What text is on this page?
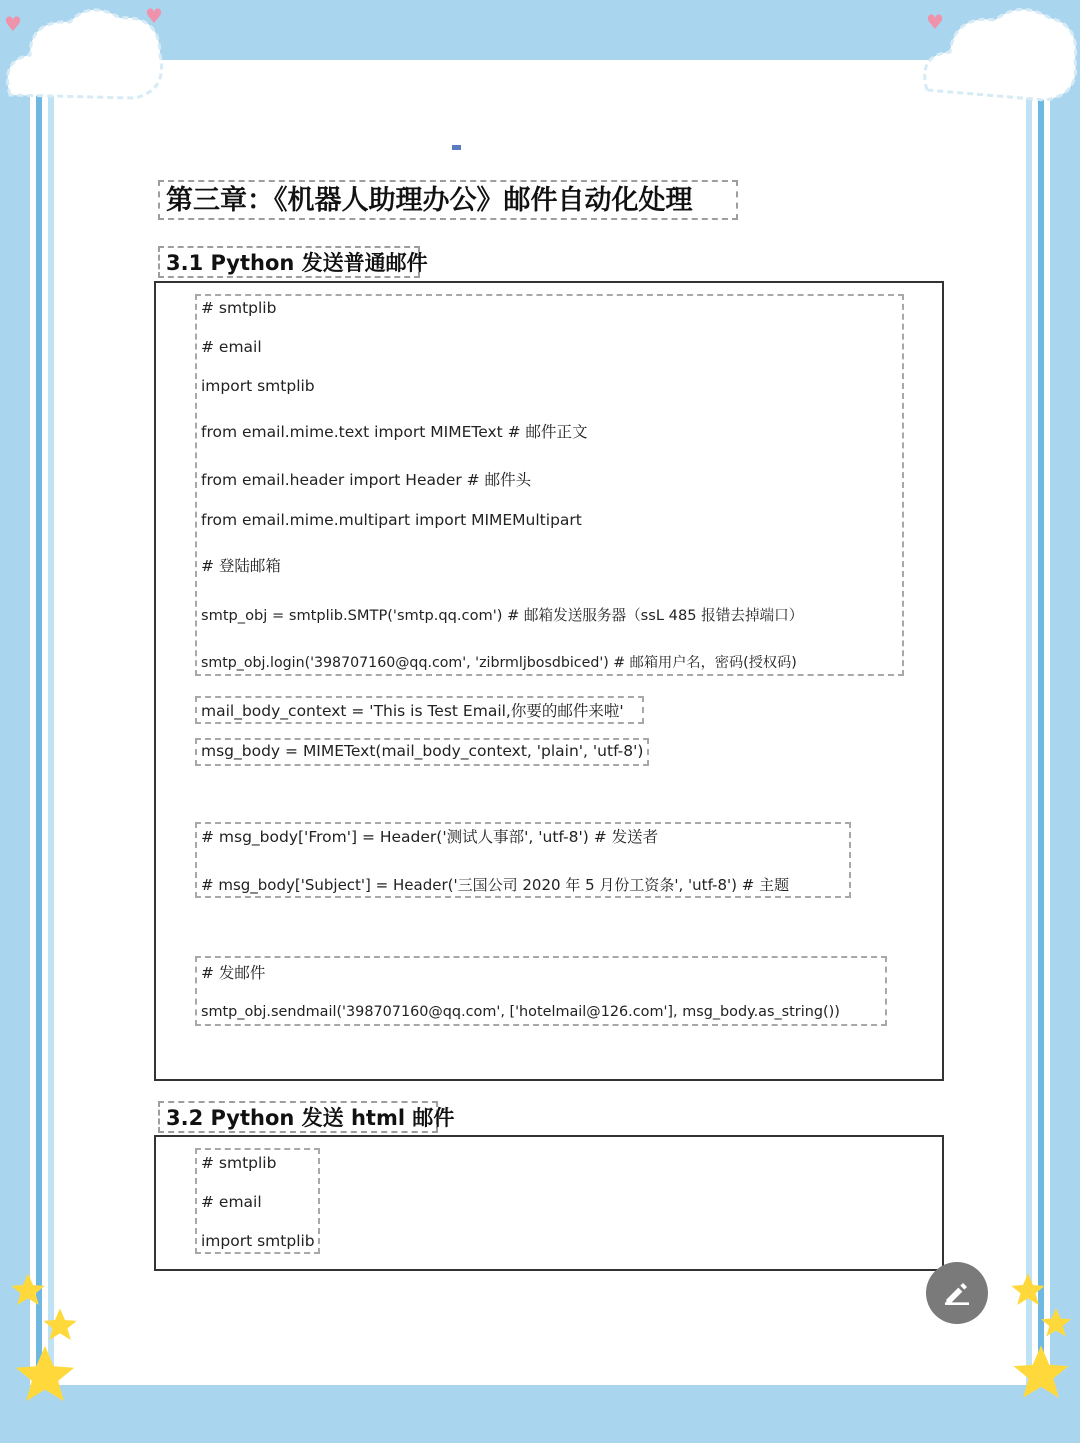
♥
♥	♥
第三章：《机器人助理办公》邮件自动化处理
3.1 Python 发送普通邮件
# smtplib
# email
import smtplib
from email.mime.text import MIMEText # 邮件正文
from email.header import Header # 邮件头
from email.mime.multipart import MIMEMultipart
# 登陆邮箱
smtp_obj = smtplib.SMTP('smtp.qq.com') # 邮箱发送服务器（ssL 485 报错去掉端口）
smtp_obj.login('398707160@qq.com', 'zibrmljbosdbiced') # 邮箱用户名，密码(授权码)
mail_body_context = 'This is Test Email,你要的邮件来啦'
msg_body = MIMEText(mail_body_context, 'plain', 'utf-8')
# msg_body['From'] = Header('测试人事部', 'utf-8') # 发送者
# msg_body['Subject'] = Header('三国公司 2020 年 5 月份工资条', 'utf-8') # 主题
# 发邮件
smtp_obj.sendmail('398707160@qq.com', ['hotelmail@126.com'], msg_body.as_string())
3.2 Python 发送 html 邮件
# smtplib
# email
import smtplib
